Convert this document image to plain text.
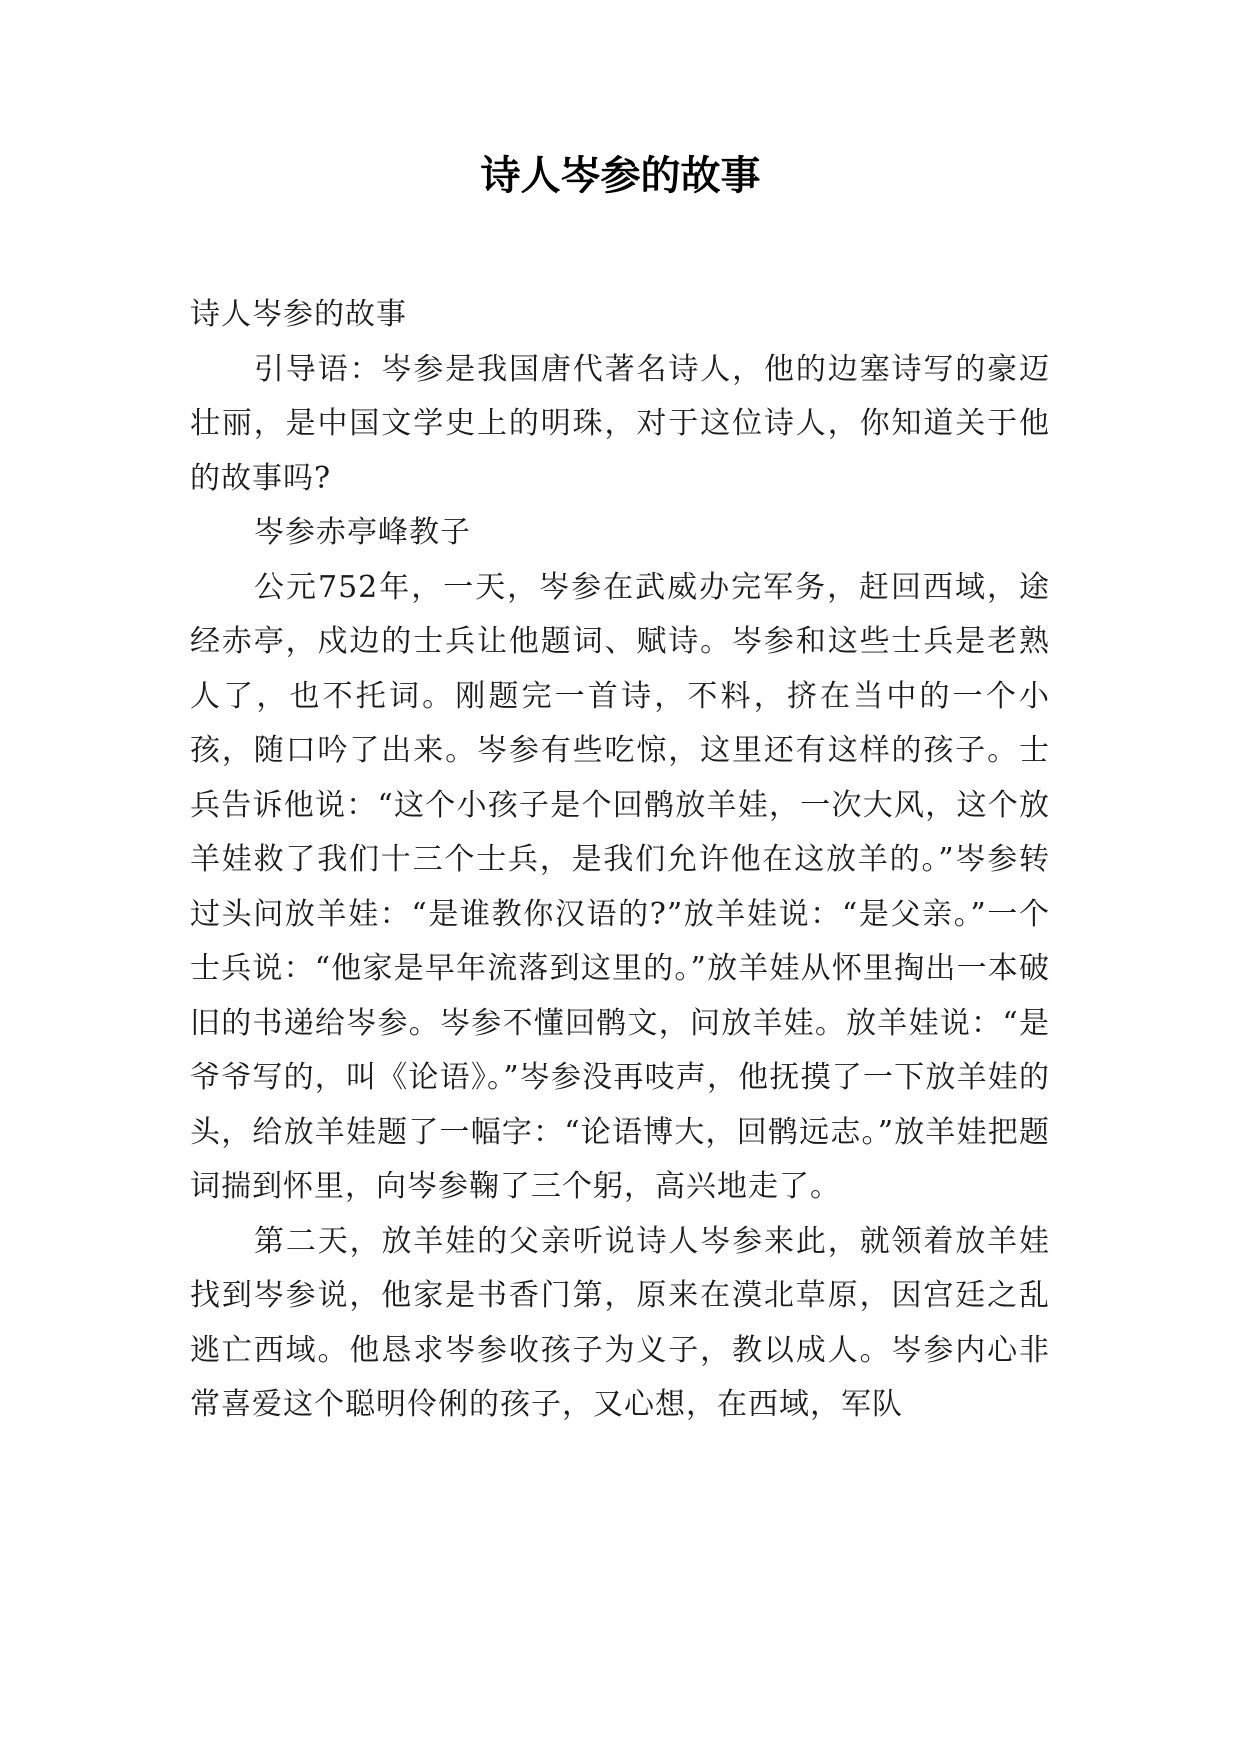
诗人岑参的故事

诗人岑参的故事

引导语：岑参是我国唐代著名诗人，他的边塞诗写的豪迈壮丽，是中国文学史上的明珠，对于这位诗人，你知道关于他的故事吗?

岑参赤亭峰教子

公元752年，一天，岑参在武威办完军务，赶回西域，途经赤亭，戍边的士兵让他题词、赋诗。岑参和这些士兵是老熟人了，也不托词。刚题完一首诗，不料，挤在当中的一个小孩，随口吟了出来。岑参有些吃惊，这里还有这样的孩子。士兵告诉他说：“这个小孩子是个回鹘放羊娃，一次大风，这个放羊娃救了我们十三个士兵，是我们允许他在这放羊的。”岑参转过头问放羊娃：“是谁教你汉语的?”放羊娃说：“是父亲。”一个士兵说：“他家是早年流落到这里的。”放羊娃从怀里掏出一本破旧的书递给岑参。岑参不懂回鹘文，问放羊娃。放羊娃说：“是爷爷写的，叫《论语》。”岑参没再吱声，他抚摸了一下放羊娃的头，给放羊娃题了一幅字：“论语博大，回鹘远志。”放羊娃把题词揣到怀里，向岑参鞠了三个躬，高兴地走了。

第二天，放羊娃的父亲听说诗人岑参来此，就领着放羊娃找到岑参说，他家是书香门第，原来在漠北草原，因宫廷之乱逃亡西域。他恳求岑参收孩子为义子，教以成人。岑参内心非常喜爱这个聪明伶俐的孩子，又心想，在西域，军队
